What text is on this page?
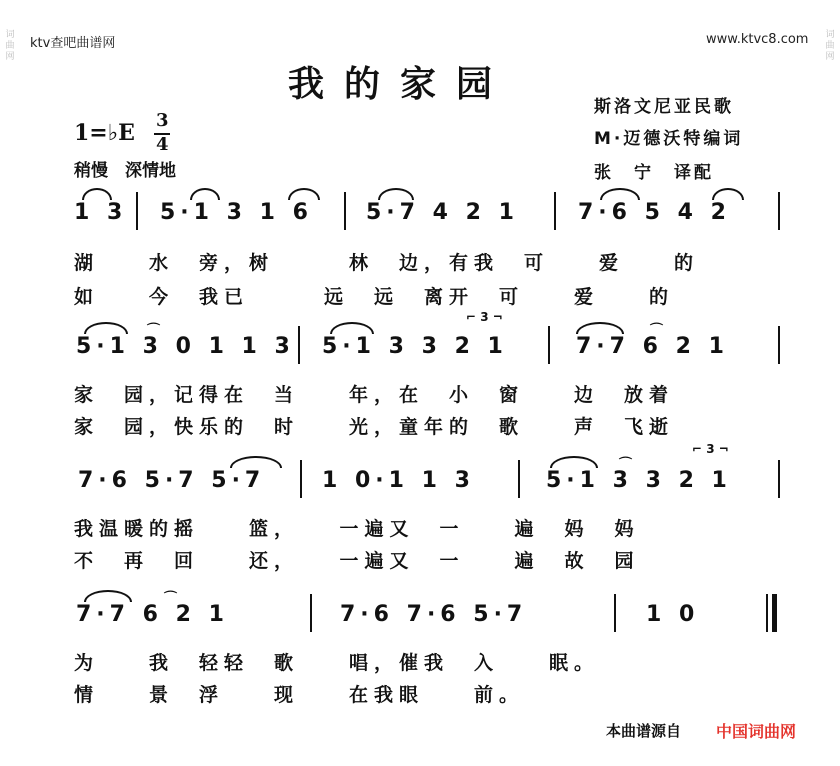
词曲网
词曲网
ktv查吧曲谱网	www.ktvc8.com
我的家园
斯洛文尼亚民歌
M·迈德沃特编词
张　宁　译配
1=♭E 3
4
稍慢　深情地
1 3 5·1 3 1 6 5·7 4 2 1	7·6 5 4 2
湖　　水　旁，树　　　林　边，有我　可　　爱　　的
如　　今　我已　　　远　远　离开　可　　爱　　的
⌒
⌐ 3 ¬
⌒
5·1 3 0 1 1 3 5·1 3 3 2 1	7·7 6 2 1
家　园，记得在　当　　年，在　小　窗　　边　放着
家　园，快乐的　时　　光，童年的　歌　　声　飞逝
⌒
⌐ 3 ¬
7·6 5·7 5·7	1 0·1 1 3	5·1 3 3 2 1
我温暖的摇　　篮，　　一遍又　一　　遍　妈　妈
不　再　回　　还，　　一遍又　一　　遍　故　园
⌒
7·7 6 2 1	7·6 7·6 5·7	1 0
为　　我　轻轻　歌　　唱，催我　入　　眠。
情　　景　浮　　现　　在我眼　　前。
本曲谱源自 中国词曲网
